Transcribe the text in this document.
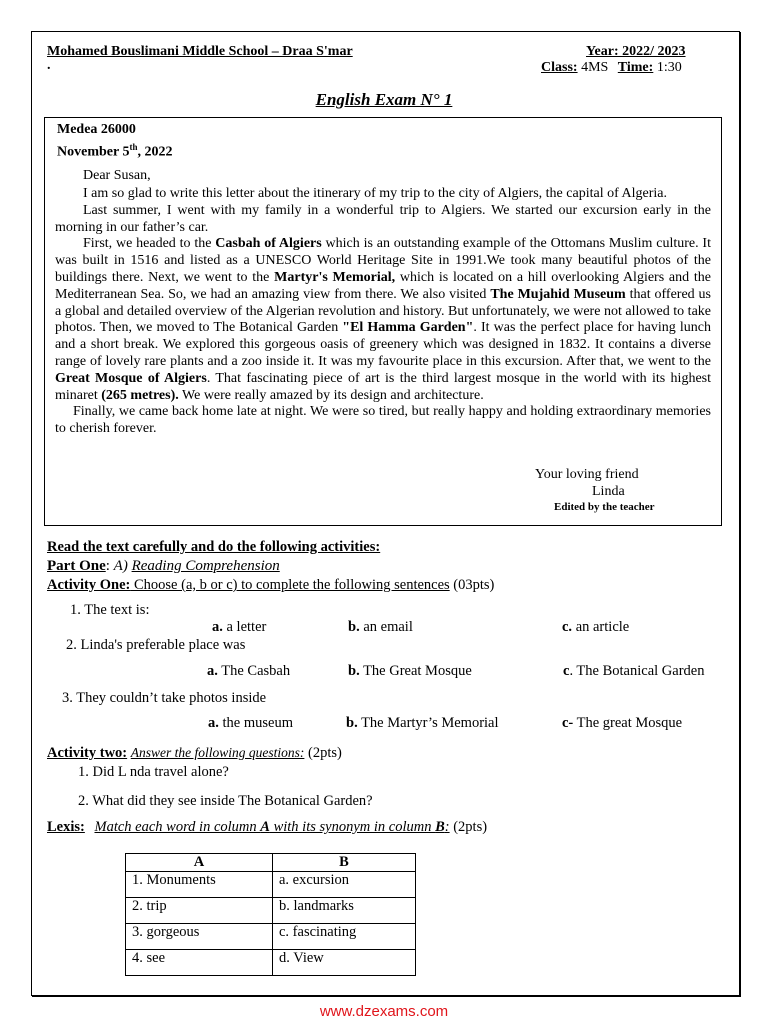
Mohamed Bouslimani Middle School – Draa S'mar
.
Year: 2022/ 2023
Class: 4MS Time: 1:30
English Exam N° 1
Medea 26000
November 5th, 2022

Dear Susan,

I am so glad to write this letter about the itinerary of my trip to the city of Algiers, the capital of Algeria.

Last summer, I went with my family in a wonderful trip to Algiers. We started our excursion early in the morning in our father’s car.

First, we headed to the Casbah of Algiers which is an outstanding example of the Ottomans Muslim culture. It was built in 1516 and listed as a UNESCO World Heritage Site in 1991.We took many beautiful photos of the buildings there. Next, we went to the Martyr's Memorial, which is located on a hill overlooking Algiers and the Mediterranean Sea. So, we had an amazing view from there. We also visited The Mujahid Museum that offered us a global and detailed overview of the Algerian revolution and history. But unfortunately, we were not allowed to take photos. Then, we moved to The Botanical Garden "El Hamma Garden". It was the perfect place for having lunch and a short break. We explored this gorgeous oasis of greenery which was designed in 1832. It contains a diverse range of lovely rare plants and a zoo inside it. It was my favourite place in this excursion. After that, we went to the Great Mosque of Algiers. That fascinating piece of art is the third largest mosque in the world with its highest minaret (265 metres). We were really amazed by its design and architecture.

Finally, we came back home late at night. We were so tired, but really happy and holding extraordinary memories to cherish forever.

Your loving friend
Linda
Edited by the teacher
Read the text carefully and do the following activities:
Part One: A) Reading Comprehension
Activity One: Choose (a, b or c) to complete the following sentences (03pts)
1. The text is:
a. a letter	b. an email	c. an article
2. Linda's preferable place was
a. The Casbah	b. The Great Mosque	c. The Botanical Garden
3. They couldn’t take photos inside
a. the museum	b. The Martyr’s Memorial	c- The great Mosque
Activity two: Answer the following questions: (2pts)
1. Did L nda travel alone?
2. What did they see inside The Botanical Garden?
Lexis: Match each word in column A with its synonym in column B: (2pts)
A	B
1. Monuments	a. excursion
2. trip	b. landmarks
3. gorgeous	c. fascinating
4. see	d. View
www.dzexams.com
